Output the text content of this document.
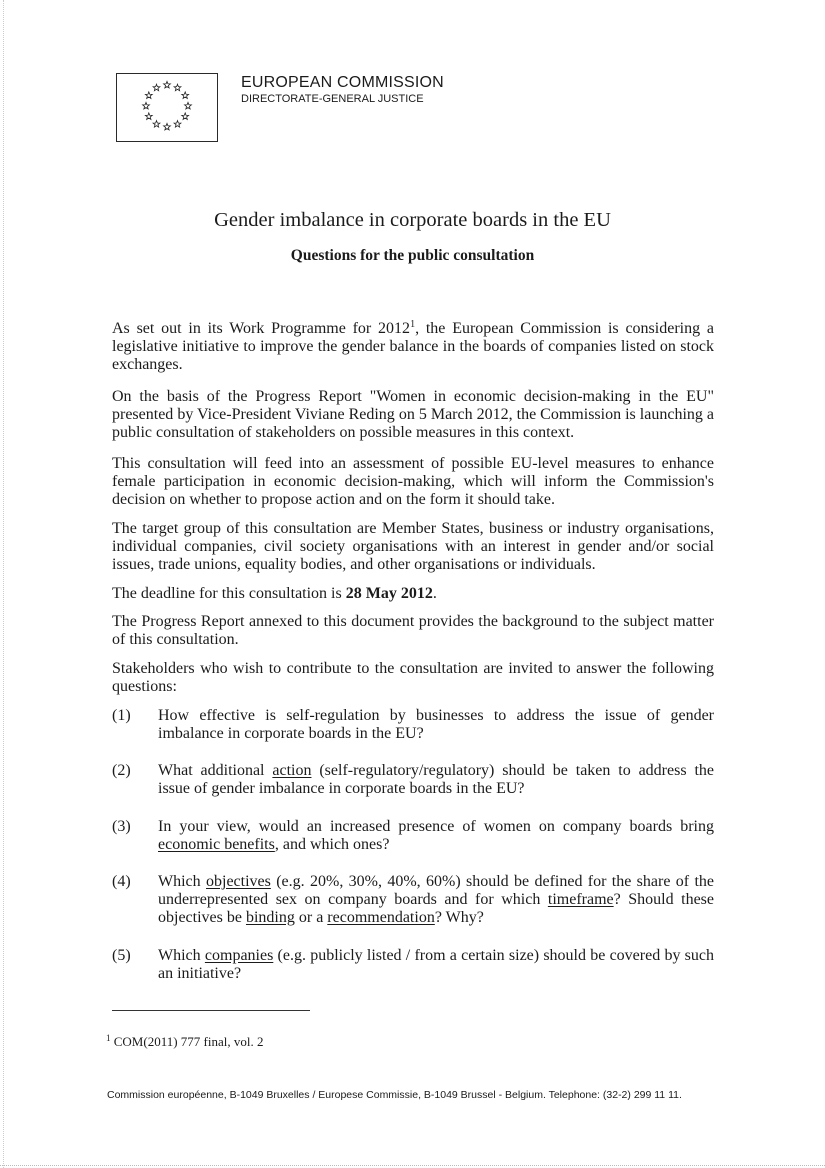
EUROPEAN COMMISSION
DIRECTORATE-GENERAL JUSTICE
Gender imbalance in corporate boards in the EU
Questions for the public consultation
As set out in its Work Programme for 2012$^1$, the European Commission is considering a legislative initiative to improve the gender balance in the boards of companies listed on stock exchanges.
On the basis of the Progress Report "Women in economic decision-making in the EU" presented by Vice-President Viviane Reding on 5 March 2012, the Commission is launching a public consultation of stakeholders on possible measures in this context.
This consultation will feed into an assessment of possible EU-level measures to enhance female participation in economic decision-making, which will inform the Commission's decision on whether to propose action and on the form it should take.
The target group of this consultation are Member States, business or industry organisations, individual companies, civil society organisations with an interest in gender and/or social issues, trade unions, equality bodies, and other organisations or individuals.
The deadline for this consultation is 28 May 2012.
The Progress Report annexed to this document provides the background to the subject matter of this consultation.
Stakeholders who wish to contribute to the consultation are invited to answer the following questions:
(1) How effective is self-regulation by businesses to address the issue of gender imbalance in corporate boards in the EU?
(2) What additional action (self-regulatory/regulatory) should be taken to address the issue of gender imbalance in corporate boards in the EU?
(3) In your view, would an increased presence of women on company boards bring economic benefits, and which ones?
(4) Which objectives (e.g. 20%, 30%, 40%, 60%) should be defined for the share of the underrepresented sex on company boards and for which timeframe? Should these objectives be binding or a recommendation? Why?
(5) Which companies (e.g. publicly listed / from a certain size) should be covered by such an initiative?
$^1$ COM(2011) 777 final, vol. 2
Commission européenne, B-1049 Bruxelles / Europese Commissie, B-1049 Brussel - Belgium. Telephone: (32-2) 299 11 11.
